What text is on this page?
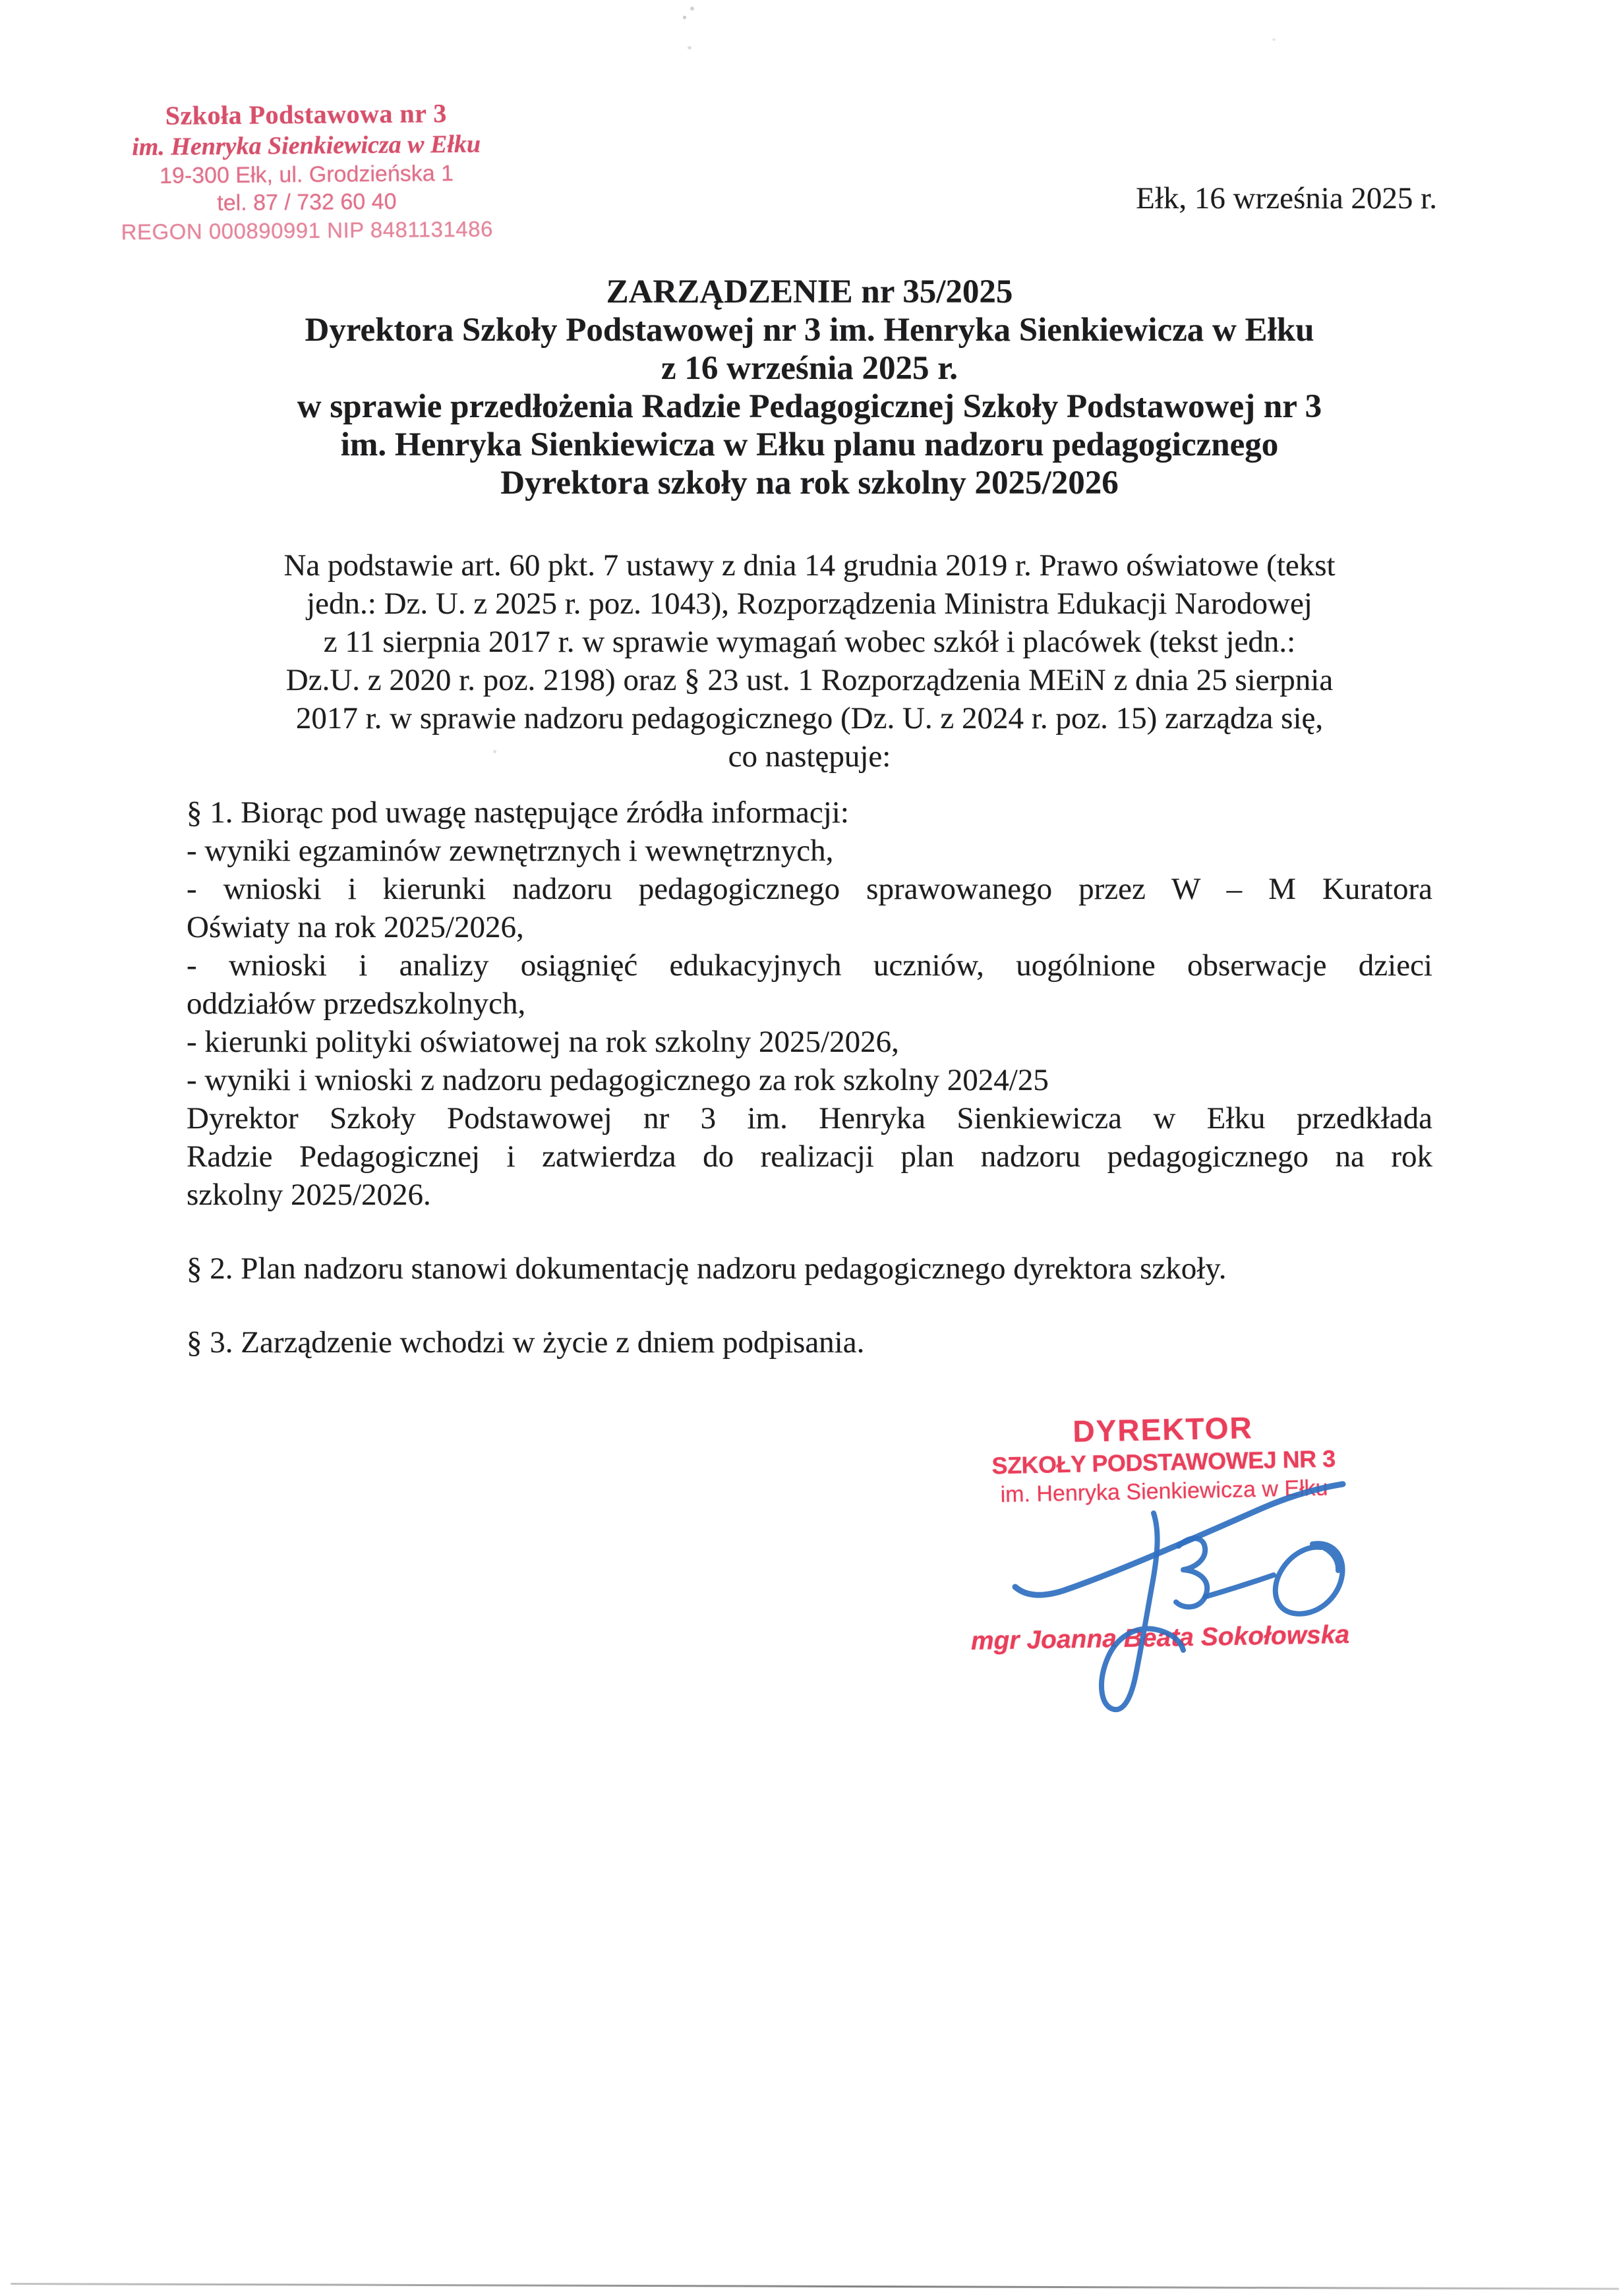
Szkoła Podstawowa nr 3
im. Henryka Sienkiewicza w Ełku
19-300 Ełk, ul. Grodzieńska 1
tel. 87 / 732 60 40
REGON 000890991 NIP 8481131486
Ełk, 16 września 2025 r.
ZARZĄDZENIE nr 35/2025
Dyrektora Szkoły Podstawowej nr 3 im. Henryka Sienkiewicza w Ełku
z 16 września 2025 r.
w sprawie przedłożenia Radzie Pedagogicznej Szkoły Podstawowej nr 3
im. Henryka Sienkiewicza w Ełku planu nadzoru pedagogicznego
Dyrektora szkoły na rok szkolny 2025/2026
Na podstawie art. 60 pkt. 7 ustawy z dnia 14 grudnia 2019 r. Prawo oświatowe (tekst
jedn.: Dz. U. z 2025 r. poz. 1043), Rozporządzenia Ministra Edukacji Narodowej
z 11 sierpnia 2017 r. w sprawie wymagań wobec szkół i placówek (tekst jedn.:
Dz.U. z 2020 r. poz. 2198) oraz § 23 ust. 1 Rozporządzenia MEiN z dnia 25 sierpnia
2017 r. w sprawie nadzoru pedagogicznego (Dz. U. z 2024 r. poz. 15) zarządza się,
co następuje:
§ 1. Biorąc pod uwagę następujące źródła informacji:
- wyniki egzaminów zewnętrznych i wewnętrznych,
- wnioski i kierunki nadzoru pedagogicznego sprawowanego przez W – M Kuratora
Oświaty na rok 2025/2026,
- wnioski i analizy osiągnięć edukacyjnych uczniów, uogólnione obserwacje dzieci
oddziałów przedszkolnych,
- kierunki polityki oświatowej na rok szkolny 2025/2026,
- wyniki i wnioski z nadzoru pedagogicznego za rok szkolny 2024/25
Dyrektor Szkoły Podstawowej nr 3 im. Henryka Sienkiewicza w Ełku przedkłada
Radzie Pedagogicznej i zatwierdza do realizacji plan nadzoru pedagogicznego na rok
szkolny 2025/2026.
§ 2. Plan nadzoru stanowi dokumentację nadzoru pedagogicznego dyrektora szkoły.
§ 3. Zarządzenie wchodzi w życie z dniem podpisania.
DYREKTOR
SZKOŁY PODSTAWOWEJ NR 3
im. Henryka Sienkiewicza w Ełku
mgr Joanna Beata Sokołowska
